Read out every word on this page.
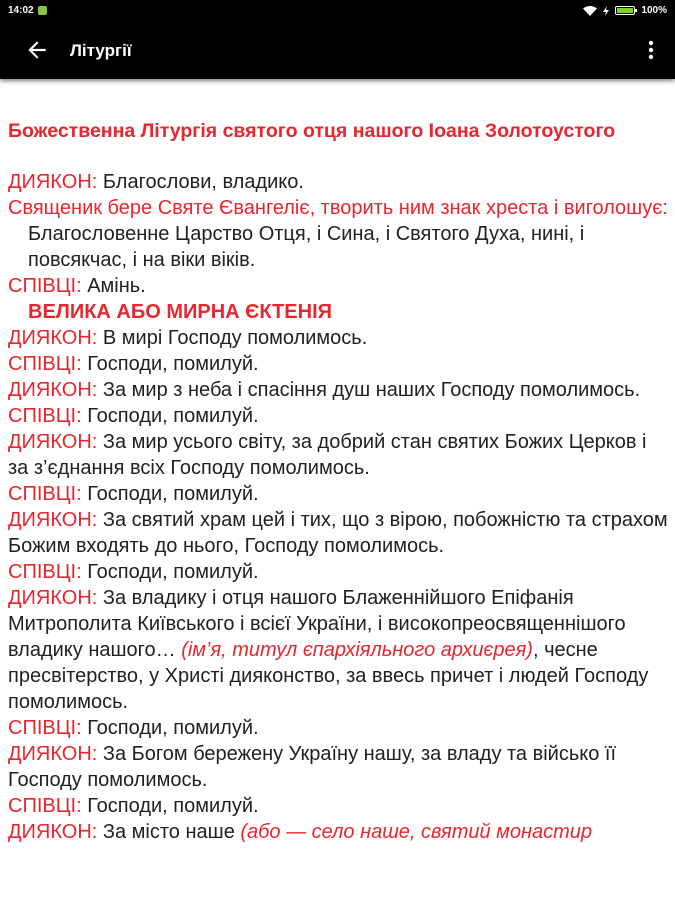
14:02	100%
Літургії

Божественна Літургія святого отця нашого Іоана Золотоустого

ДИЯКОН: Благослови, владико.

Священик бере Святе Євангеліє, творить ним знак хреста і виголошує:

Благословенне Царство Отця, і Сина, і Святого Духа, нині, і повсякчас, і на віки віків.

СПІВЦІ: Амінь.

ВЕЛИКА АБО МИРНА ЄКТЕНІЯ

ДИЯКОН: В мирі Господу помолимось.

СПІВЦІ: Господи, помилуй.

ДИЯКОН: За мир з неба і спасіння душ наших Господу помолимось.

СПІВЦІ: Господи, помилуй.

ДИЯКОН: За мир усього світу, за добрий стан святих Божих Церков і за з’єднання всіх Господу помолимось.

СПІВЦІ: Господи, помилуй.

ДИЯКОН: За святий храм цей і тих, що з вірою, побожністю та страхом Божим входять до нього, Господу помолимось.

СПІВЦІ: Господи, помилуй.

ДИЯКОН: За владику і отця нашого Блаженнійшого Епіфанія Митрополита Київського і всієї України, і високопреосвященнішого владику нашого… (ім’я, титул єпархіяльного архиєрея), чесне пресвітерство, у Христі дияконство, за ввесь причет і людей Господу помолимось.

СПІВЦІ: Господи, помилуй.

ДИЯКОН: За Богом бережену Україну нашу, за владу та військо її Господу помолимось.

СПІВЦІ: Господи, помилуй.

ДИЯКОН: За місто наше (або — село наше, святий монастир
